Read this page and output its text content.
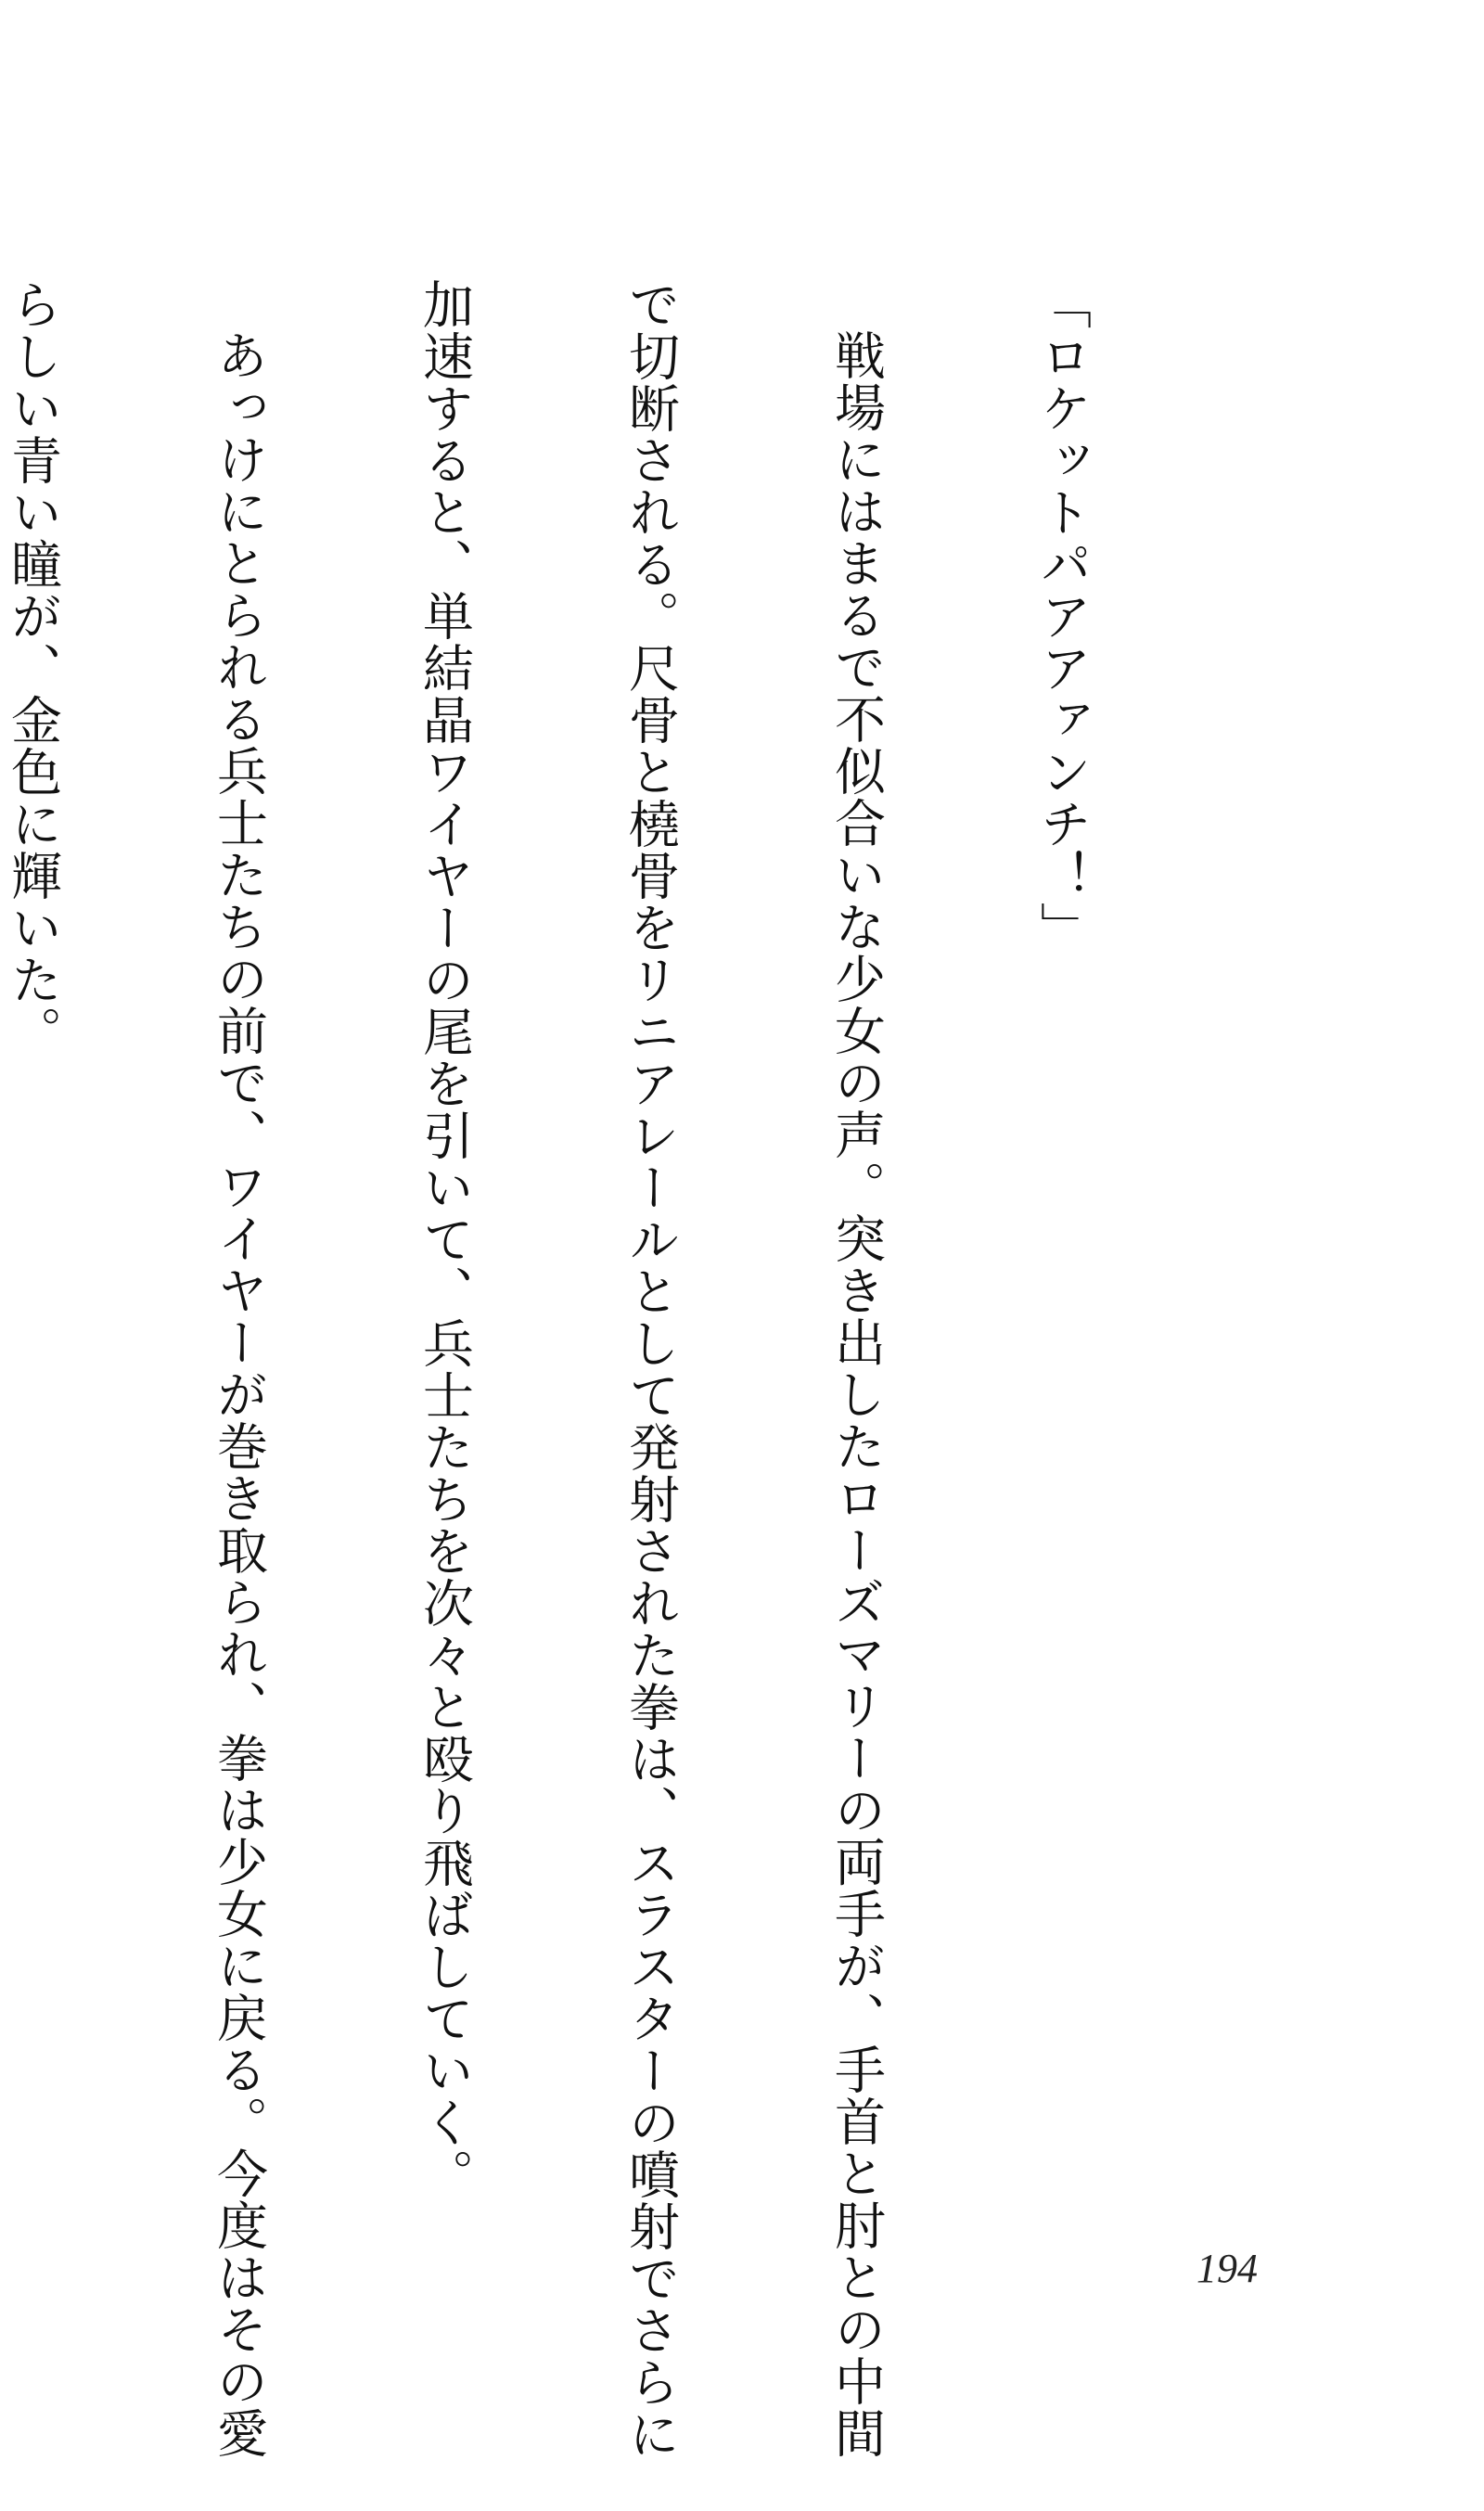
「ロケットパアアァンチ！」

戦場にはまるで不似合いな少女の声。突き出したローズマリーの両手が、手首と肘との中間

で切断される。尺骨と橈骨をリニアレールとして発射された拳は、スラスターの噴射でさらに

加速すると、単結晶ワイヤーの尾を引いて、兵士たちを次々と殴り飛ばしていく。

あっけにとられる兵士たちの前で、ワイヤーが巻き取られ、拳は少女に戻る。今度はその愛

らしい青い瞳が、金色に輝いた。

194
